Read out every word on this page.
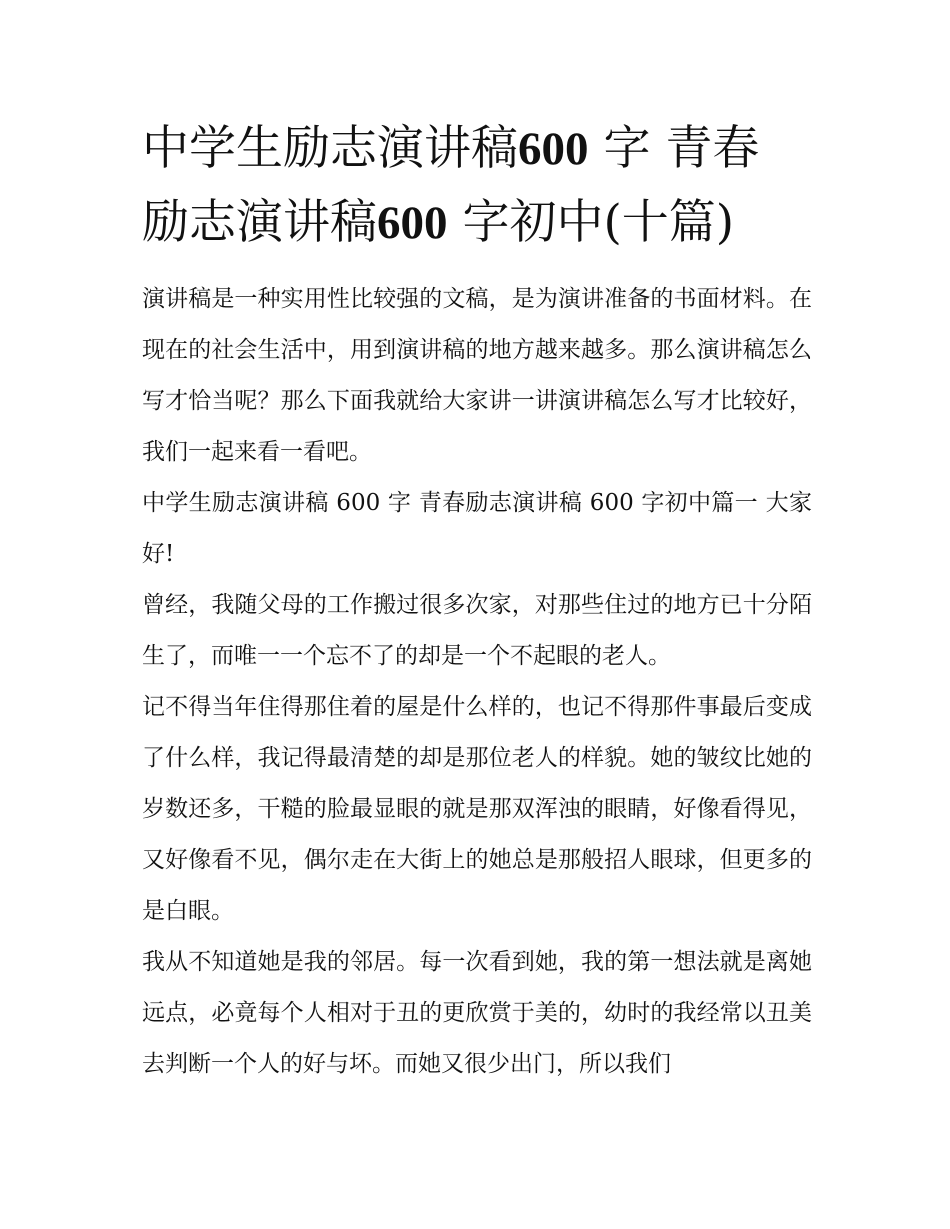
中学生励志演讲稿600 字 青春
励志演讲稿600 字初中(十篇)

演讲稿是一种实用性比较强的文稿，是为演讲准备的书面材料。在现在的社会生活中，用到演讲稿的地方越来越多。那么演讲稿怎么写才恰当呢？那么下面我就给大家讲一讲演讲稿怎么写才比较好，我们一起来看一看吧。

中学生励志演讲稿 600 字 青春励志演讲稿 600 字初中篇一 大家好!

曾经，我随父母的工作搬过很多次家，对那些住过的地方已十分陌生了，而唯一一个忘不了的却是一个不起眼的老人。

记不得当年住得那住着的屋是什么样的，也记不得那件事最后变成了什么样，我记得最清楚的却是那位老人的样貌。她的皱纹比她的岁数还多，干糙的脸最显眼的就是那双浑浊的眼睛，好像看得见，又好像看不见，偶尔走在大街上的她总是那般招人眼球，但更多的是白眼。

我从不知道她是我的邻居。每一次看到她，我的第一想法就是离她远点，必竟每个人相对于丑的更欣赏于美的，幼时的我经常以丑美去判断一个人的好与坏。而她又很少出门，所以我们
